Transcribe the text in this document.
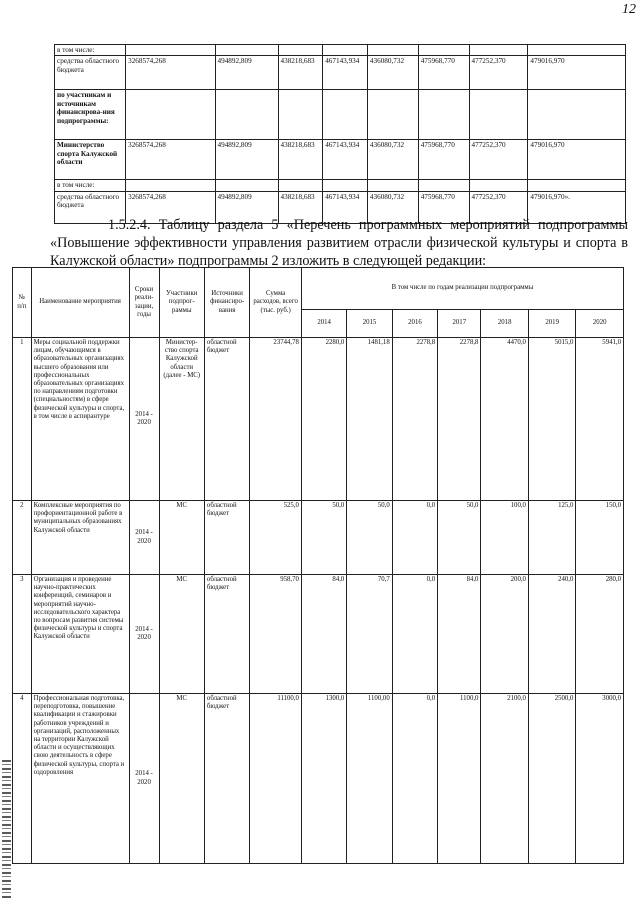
12
в том числе:								
средства областного бюджета	3268574,268	494892,809	438218,683	467143,934	436080,732	475968,770	477252,370	479016,970
по участникам и источникам финансирова-ния подпрограммы:								
Министерство спорта Калужской области	3268574,268	494892,809	438218,683	467143,934	436080,732	475968,770	477252,370	479016,970
в том числе:								
средства областного бюджета	3268574,268	494892,809	438218,683	467143,934	436080,732	475968,770	477252,370	479016,970».
1.5.2.4. Таблицу раздела 5 «Перечень программных мероприятий подпрограммы «Повышение эффективности управления развитием отрасли физической культуры и спорта в Калужской области» подпрограммы 2 изложить в следующей редакции:
№ п/п	Наименование мероприятия	Сроки реали-зации, годы	Участники подпрог-раммы	Источники финансиро-вания	Сумма расходов, всего (тыс. руб.)	В том числе по годам реализации подпрограммы						
						2014	2015	2016	2017	2018	2019	2020
1	Меры социальной поддержки лицам, обучающимся в образовательных организациях высшего образования или профессиональных образовательных организациях по направлениям подготовки (специальностям) в сфере физической культуры и спорта, в том числе в аспирантуре	2014 - 2020	Министер-ство спорта Калужской области (далее - МС)	областной бюджет	23744,78	2280,0	1481,18	2278,8	2278,8	4470,0	5015,0	5941,0
2	Комплексные мероприятия по профориентационной работе в муниципальных образованиях Калужской области	2014 - 2020	МС	областной бюджет	525,0	50,0	50,0	0,0	50,0	100,0	125,0	150,0
3	Организация и проведение научно-практических конференций, семинаров и мероприятий научно-исследовательского характера по вопросам развития системы физической культуры и спорта Калужской области	2014 - 2020	МС	областной бюджет	958,70	84,0	70,7	0,0	84,0	200,0	240,0	280,0
4	Профессиональная подготовка, переподготовка, повышение квалификации и стажировки работников учреждений и организаций, расположенных на территории Калужской области и осуществляющих свою деятельность в сфере физической культуры, спорта и оздоровления	2014 - 2020	МС	областной бюджет	11100,0	1300,0	1100,00	0,0	1100,0	2100,0	2500,0	3000,0
